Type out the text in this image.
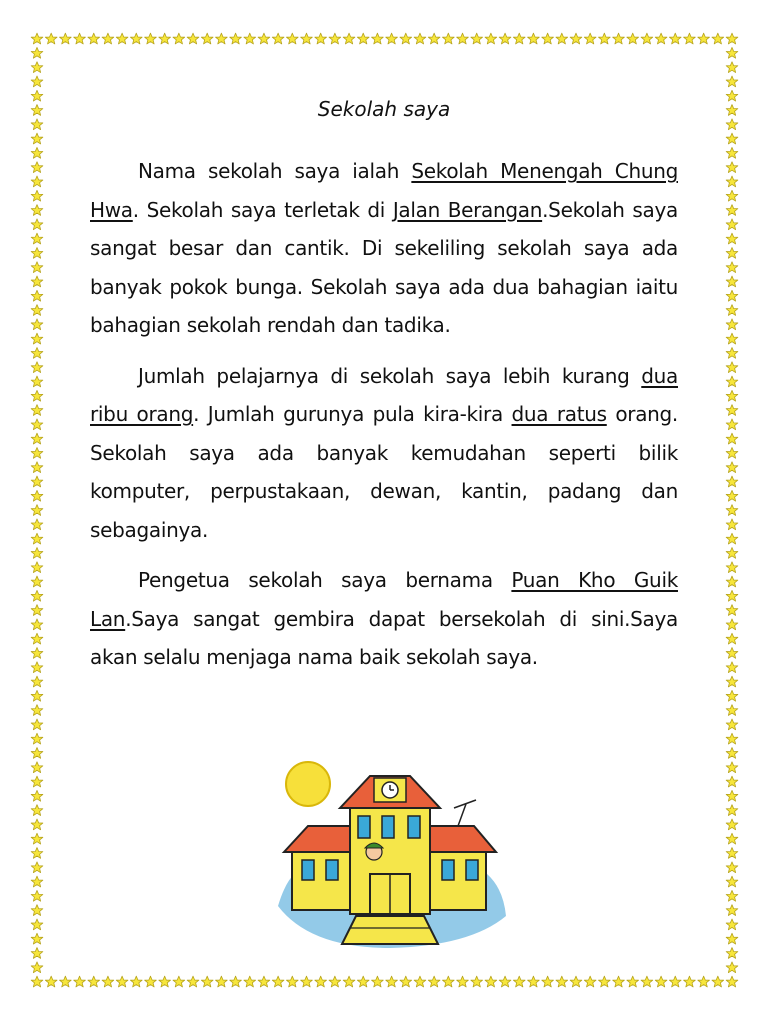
Sekolah saya

Nama sekolah saya ialah Sekolah Menengah Chung Hwa. Sekolah saya terletak di Jalan Berangan.Sekolah saya sangat besar dan cantik. Di sekeliling sekolah saya ada banyak pokok bunga. Sekolah saya ada dua bahagian iaitu bahagian sekolah rendah dan tadika.

Jumlah pelajarnya di sekolah saya lebih kurang dua ribu orang. Jumlah gurunya pula kira-kira dua ratus orang. Sekolah saya ada banyak kemudahan seperti bilik komputer, perpustakaan, dewan, kantin, padang dan sebagainya.

Pengetua sekolah saya bernama Puan Kho Guik Lan.Saya sangat gembira dapat bersekolah di sini.Saya akan selalu menjaga nama baik sekolah saya.
